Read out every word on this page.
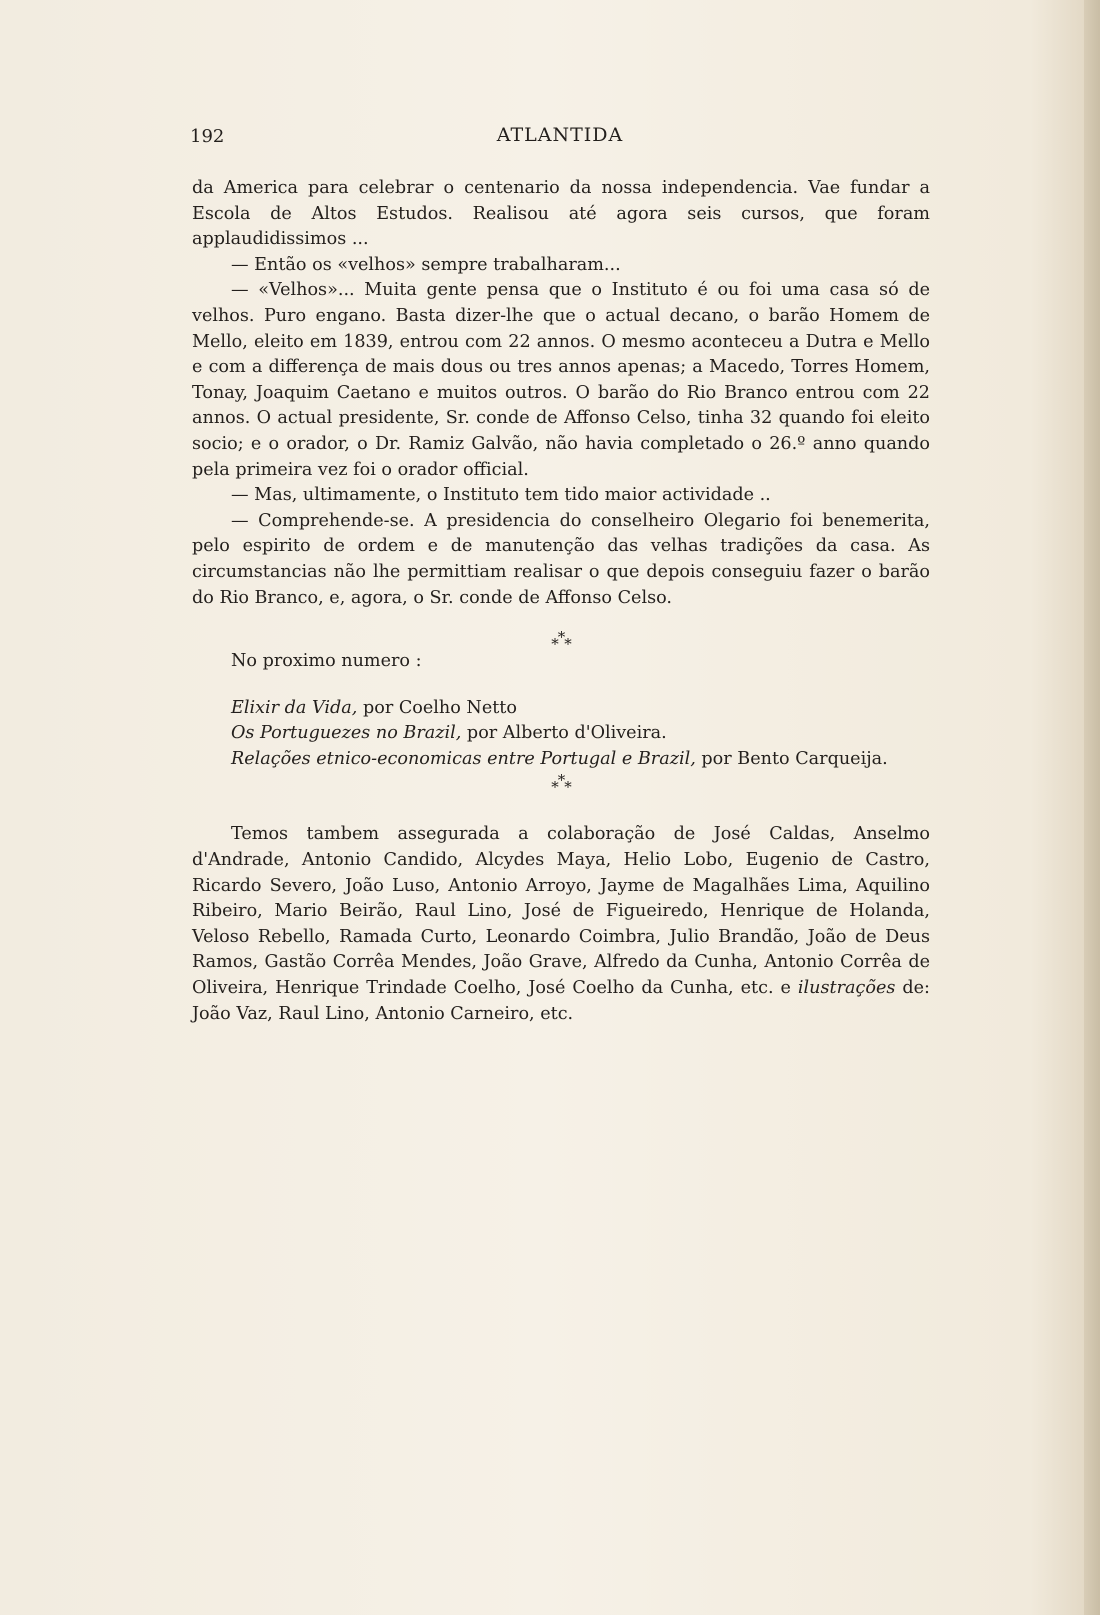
192	ATLANTIDA

da America para celebrar o centenario da nossa independencia. Vae fundar a Escola de Altos Estudos. Realisou até agora seis cursos, que foram applaudidissimos ...

— Então os «velhos» sempre trabalharam...

— «Velhos»... Muita gente pensa que o Instituto é ou foi uma casa só de velhos. Puro engano. Basta dizer-lhe que o actual decano, o barão Homem de Mello, eleito em 1839, entrou com 22 annos. O mesmo aconteceu a Dutra e Mello e com a differença de mais dous ou tres annos apenas; a Macedo, Torres Homem, Tonay, Joaquim Caetano e muitos outros. O barão do Rio Branco entrou com 22 annos. O actual presidente, Sr. conde de Affonso Celso, tinha 32 quando foi eleito socio; e o orador, o Dr. Ramiz Galvão, não havia completado o 26.º anno quando pela primeira vez foi o orador official.

— Mas, ultimamente, o Instituto tem tido maior actividade ..

— Comprehende-se. A presidencia do conselheiro Olegario foi benemerita, pelo espirito de ordem e de manutenção das velhas tradições da casa. As circumstancias não lhe permittiam realisar o que depois conseguiu fazer o barão do Rio Branco, e, agora, o Sr. conde de Affonso Celso.

***

No proximo numero :

Elixir da Vida, por Coelho Netto

Os Portuguezes no Brazil, por Alberto d'Oliveira.

Relações etnico-economicas entre Portugal e Brazil, por Bento Carqueija.

***

Temos tambem assegurada a colaboração de José Caldas, Anselmo d'Andrade, Antonio Candido, Alcydes Maya, Helio Lobo, Eugenio de Castro, Ricardo Severo, João Luso, Antonio Arroyo, Jayme de Magalhães Lima, Aquilino Ribeiro, Mario Beirão, Raul Lino, José de Figueiredo, Henrique de Holanda, Veloso Rebello, Ramada Curto, Leonardo Coimbra, Julio Brandão, João de Deus Ramos, Gastão Corrêa Mendes, João Grave, Alfredo da Cunha, Antonio Corrêa de Oliveira, Henrique Trindade Coelho, José Coelho da Cunha, etc. e ilustrações de: João Vaz, Raul Lino, Antonio Carneiro, etc.
